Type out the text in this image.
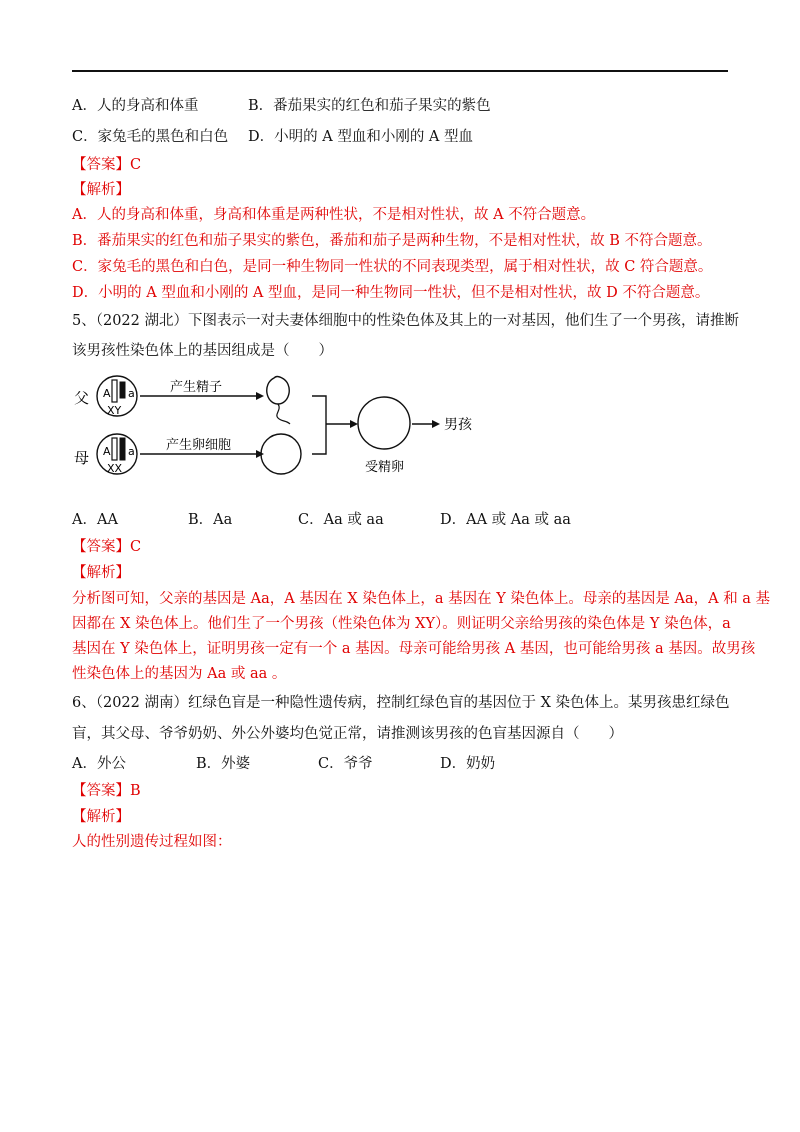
A．人的身高和体重	B．番茄果实的红色和茄子果实的紫色
C．家兔毛的黑色和白色 D．小明的 A 型血和小刚的 A 型血
【答案】C
【解析】
A．人的身高和体重，身高和体重是两种性状，不是相对性状，故 A 不符合题意。
B．番茄果实的红色和茄子果实的紫色，番茄和茄子是两种生物，不是相对性状，故 B 不符合题意。
C．家兔毛的黑色和白色，是同一种生物同一性状的不同表现类型，属于相对性状，故 C 符合题意。
D．小明的 A 型血和小刚的 A 型血，是同一种生物同一性状，但不是相对性状，故 D 不符合题意。
5、（2022 湖北）下图表示一对夫妻体细胞中的性染色体及其上的一对基因，他们生了一个男孩，请推断
该男孩性染色体上的基因组成是（　　）
父 A a
XY
产生精子
母 A a
XX
产生卵细胞
受精卵
男孩
A．AA	B．Aa	C．Aa 或 aa	D．AA 或 Aa 或 aa
【答案】C
【解析】
分析图可知，父亲的基因是 Aa，A 基因在 X 染色体上，a 基因在 Y 染色体上。母亲的基因是 Aa，A 和 a 基
因都在 X 染色体上。他们生了一个男孩（性染色体为 XY）。则证明父亲给男孩的染色体是 Y 染色体，a
基因在 Y 染色体上，证明男孩一定有一个 a 基因。母亲可能给男孩 A 基因，也可能给男孩 a 基因。故男孩
性染色体上的基因为 Aa 或 aa 。
6、（2022 湖南）红绿色盲是一种隐性遗传病，控制红绿色盲的基因位于 X 染色体上。某男孩患红绿色
盲，其父母、爷爷奶奶、外公外婆均色觉正常，请推测该男孩的色盲基因源自（　　）
A．外公	B．外婆	C．爷爷	D．奶奶
【答案】B
【解析】
人的性别遗传过程如图：
